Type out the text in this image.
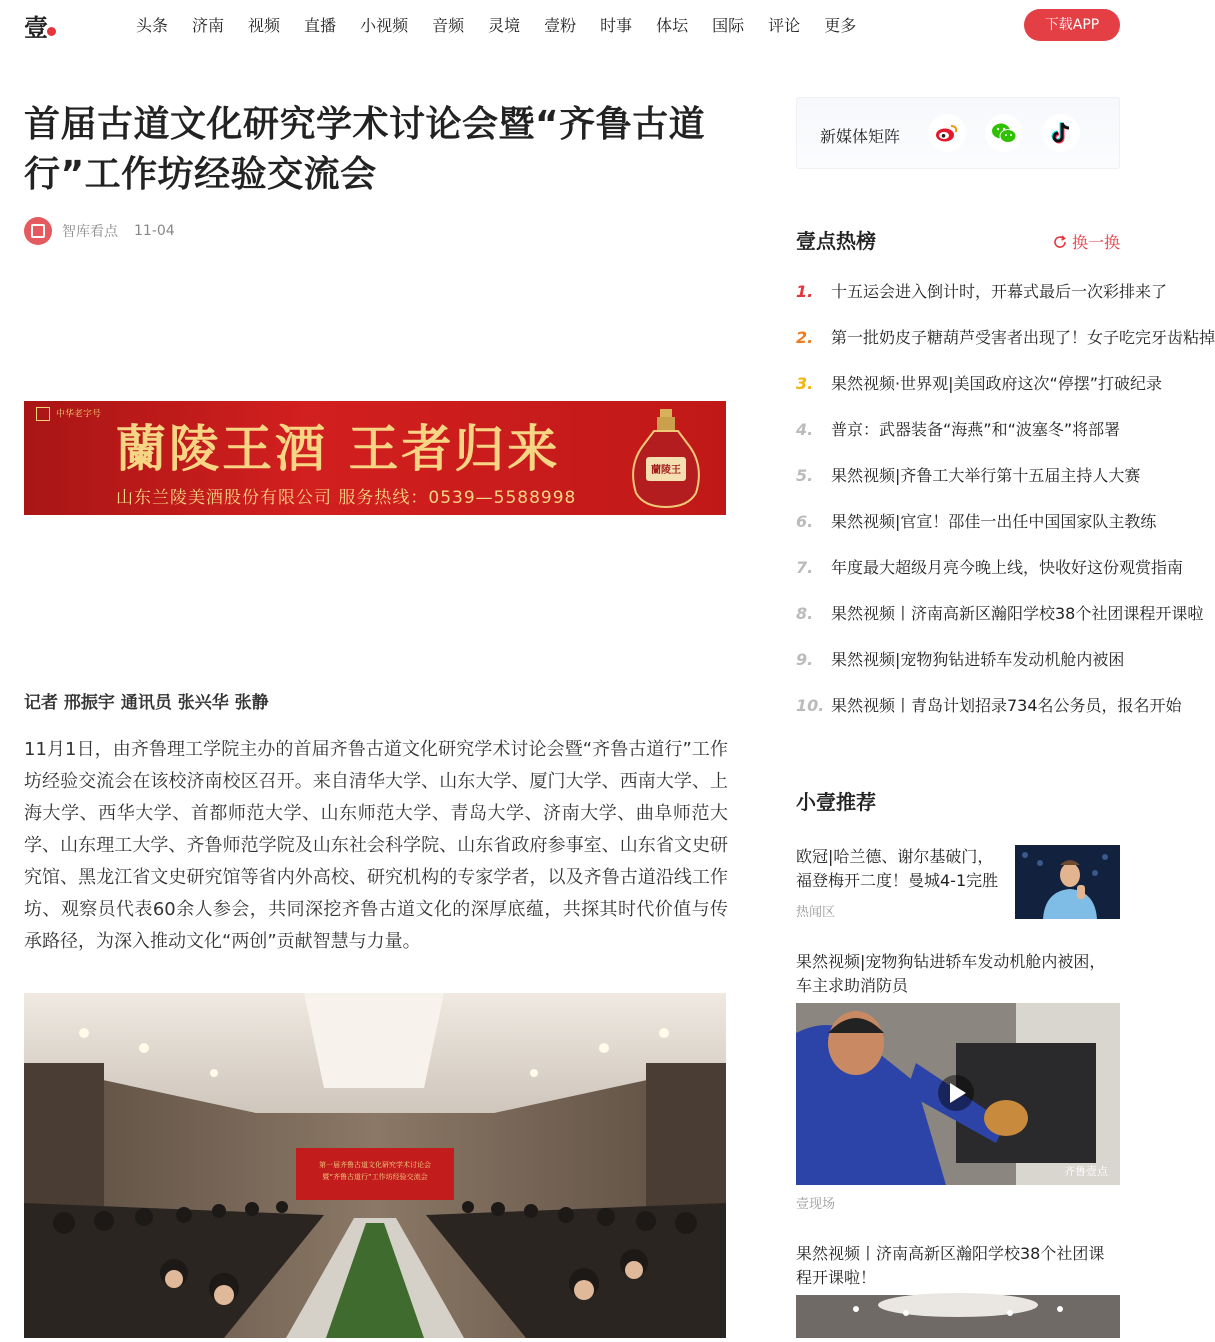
壹	头条	济南	视频	直播	小视频	音频	灵境	壹粉	时事	体坛	国际	评论	更多	下载APP
首届古道文化研究学术讨论会暨“齐鲁古道行”工作坊经验交流会
智库看点 11-04
中华老字号
蘭陵王酒 王者归来
山东兰陵美酒股份有限公司 服务热线：0539—5588998
蘭陵王
记者 邢振宇 通讯员 张兴华 张静

11月1日，由齐鲁理工学院主办的首届齐鲁古道文化研究学术讨论会暨“齐鲁古道行”工作坊经验交流会在该校济南校区召开。来自清华大学、山东大学、厦门大学、西南大学、上海大学、西华大学、首都师范大学、山东师范大学、青岛大学、济南大学、曲阜师范大学、山东理工大学、齐鲁师范学院及山东社会科学院、山东省政府参事室、山东省文史研究馆、黑龙江省文史研究馆等省内外高校、研究机构的专家学者，以及齐鲁古道沿线工作坊、观察员代表60余人参会，共同深挖齐鲁古道文化的深厚底蕴，共探其时代价值与传承路径，为深入推动文化“两创”贡献智慧与力量。

第一届齐鲁古道文化研究学术讨论会
暨“齐鲁古道行”工作坊经验交流会
新媒体矩阵
壹点热榜	换一换
1.	十五运会进入倒计时，开幕式最后一次彩排来了
2.	第一批奶皮子糖葫芦受害者出现了！女子吃完牙齿粘掉
3.	果然视频·世界观|美国政府这次“停摆”打破纪录
4.	普京：武器装备“海燕”和“波塞冬”将部署
5.	果然视频|齐鲁工大举行第十五届主持人大赛
6.	果然视频|官宣！邵佳一出任中国国家队主教练
7.	年度最大超级月亮今晚上线，快收好这份观赏指南
8.	果然视频丨济南高新区瀚阳学校38个社团课程开课啦
9.	果然视频|宠物狗钻进轿车发动机舱内被困
10. 果然视频丨青岛计划招录734名公务员，报名开始
小壹推荐
欧冠|哈兰德、谢尔基破门，福登梅开二度！曼城4-1完胜
热闻区
果然视频|宠物狗钻进轿车发动机舱内被困，车主求助消防员
齐鲁壹点
壹现场
果然视频丨济南高新区瀚阳学校38个社团课程开课啦！
